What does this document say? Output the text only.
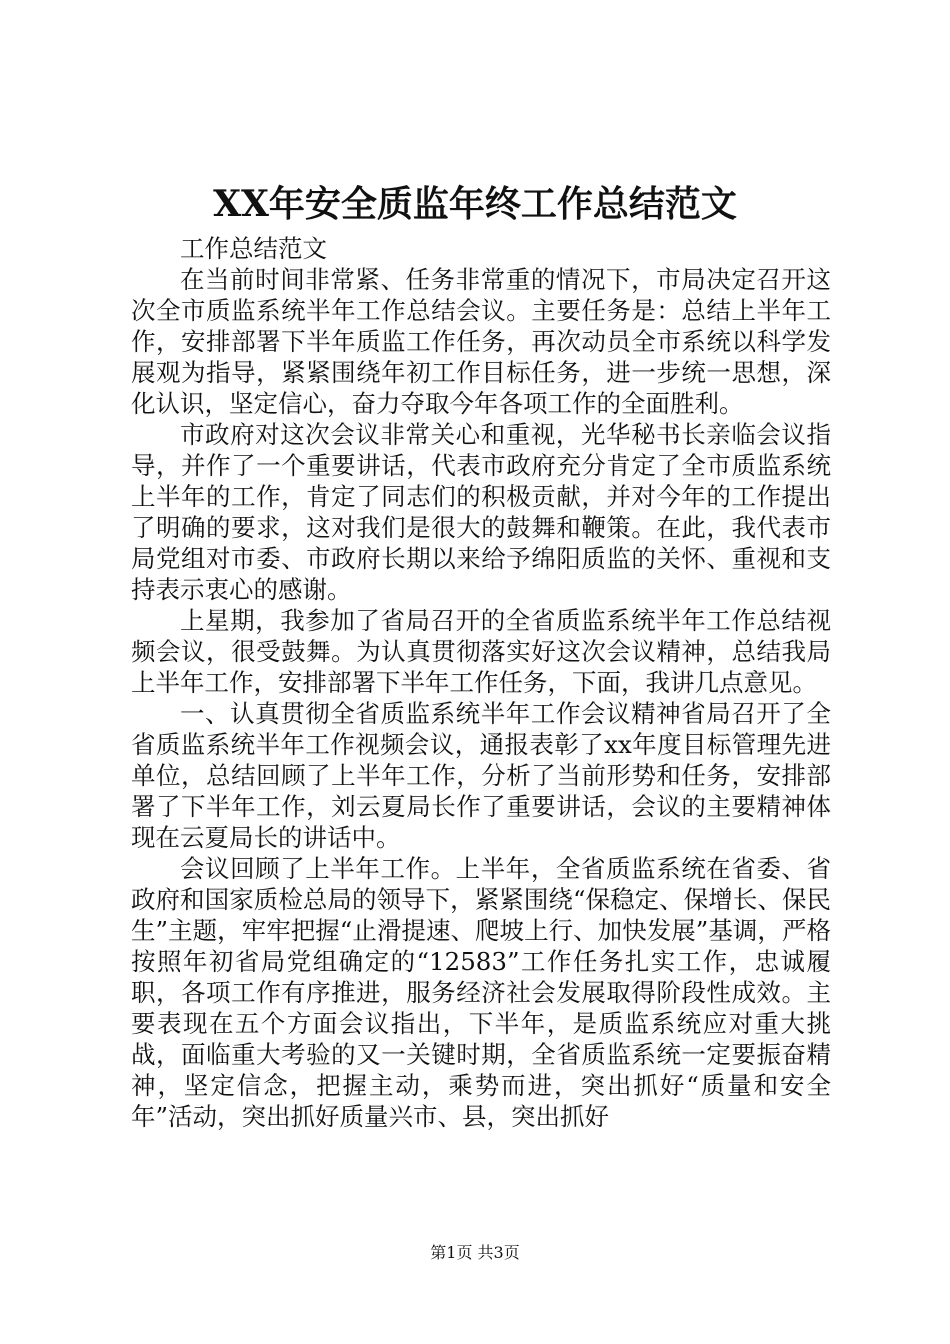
XX年安全质监年终工作总结范文

工作总结范文

在当前时间非常紧、任务非常重的情况下，市局决定召开这次全市质监系统半年工作总结会议。主要任务是：总结上半年工作，安排部署下半年质监工作任务，再次动员全市系统以科学发展观为指导，紧紧围绕年初工作目标任务，进一步统一思想，深化认识，坚定信心，奋力夺取今年各项工作的全面胜利。

市政府对这次会议非常关心和重视，光华秘书长亲临会议指导，并作了一个重要讲话，代表市政府充分肯定了全市质监系统上半年的工作，肯定了同志们的积极贡献，并对今年的工作提出了明确的要求，这对我们是很大的鼓舞和鞭策。在此，我代表市局党组对市委、市政府长期以来给予绵阳质监的关怀、重视和支持表示衷心的感谢。

上星期，我参加了省局召开的全省质监系统半年工作总结视频会议，很受鼓舞。为认真贯彻落实好这次会议精神，总结我局上半年工作，安排部署下半年工作任务，下面，我讲几点意见。

一、认真贯彻全省质监系统半年工作会议精神省局召开了全省质监系统半年工作视频会议，通报表彰了xx年度目标管理先进单位，总结回顾了上半年工作，分析了当前形势和任务，安排部署了下半年工作，刘云夏局长作了重要讲话，会议的主要精神体现在云夏局长的讲话中。

会议回顾了上半年工作。上半年，全省质监系统在省委、省政府和国家质检总局的领导下，紧紧围绕“保稳定、保增长、保民生”主题，牢牢把握“止滑提速、爬坡上行、加快发展”基调，严格按照年初省局党组确定的“12583”工作任务扎实工作，忠诚履职，各项工作有序推进，服务经济社会发展取得阶段性成效。主要表现在五个方面会议指出，下半年，是质监系统应对重大挑战，面临重大考验的又一关键时期，全省质监系统一定要振奋精神，坚定信念，把握主动，乘势而进，突出抓好“质量和安全年”活动，突出抓好质量兴市、县，突出抓好

第1页 共3页
